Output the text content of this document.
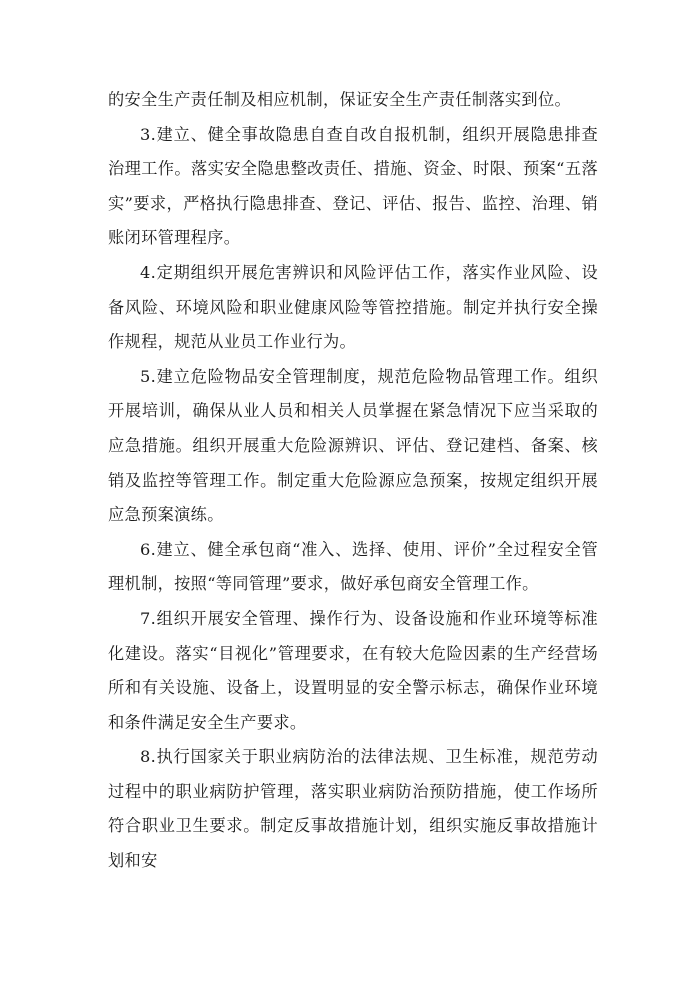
的安全生产责任制及相应机制，保证安全生产责任制落实到位。

3.建立、健全事故隐患自查自改自报机制，组织开展隐患排查治理工作。落实安全隐患整改责任、措施、资金、时限、预案“五落实”要求，严格执行隐患排查、登记、评估、报告、监控、治理、销账闭环管理程序。

4.定期组织开展危害辨识和风险评估工作，落实作业风险、设备风险、环境风险和职业健康风险等管控措施。制定并执行安全操作规程，规范从业员工作业行为。

5.建立危险物品安全管理制度，规范危险物品管理工作。组织开展培训，确保从业人员和相关人员掌握在紧急情况下应当采取的应急措施。组织开展重大危险源辨识、评估、登记建档、备案、核销及监控等管理工作。制定重大危险源应急预案，按规定组织开展应急预案演练。

6.建立、健全承包商“准入、选择、使用、评价”全过程安全管理机制，按照“等同管理”要求，做好承包商安全管理工作。

7.组织开展安全管理、操作行为、设备设施和作业环境等标准化建设。落实“目视化”管理要求，在有较大危险因素的生产经营场所和有关设施、设备上，设置明显的安全警示标志，确保作业环境和条件满足安全生产要求。

8.执行国家关于职业病防治的法律法规、卫生标准，规范劳动过程中的职业病防护管理，落实职业病防治预防措施，使工作场所符合职业卫生要求。制定反事故措施计划，组织实施反事故措施计划和安
